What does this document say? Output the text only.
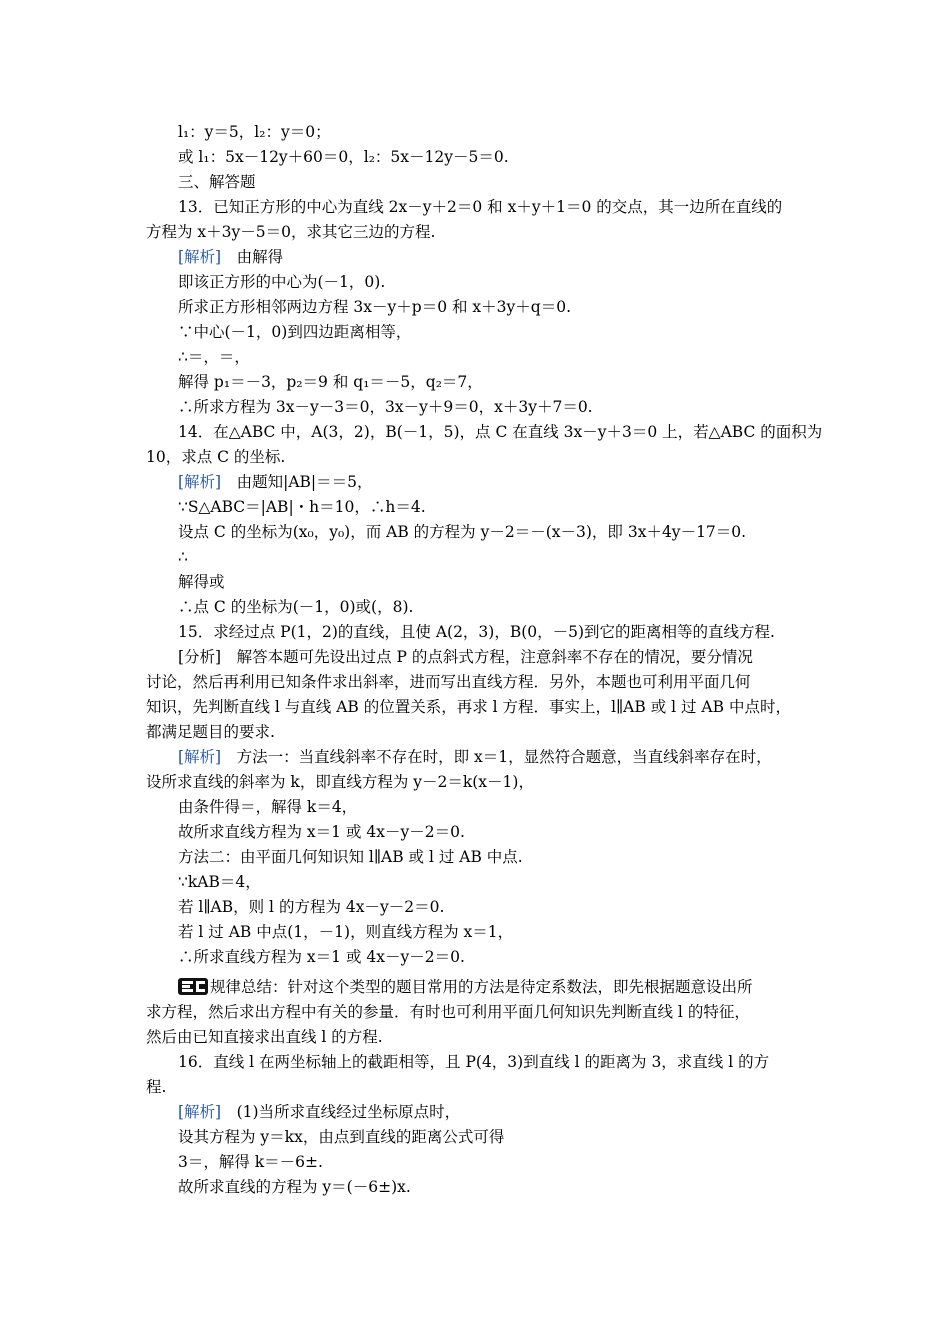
l₁：y＝5，l₂：y＝0；
或 l₁：5x－12y＋60＝0，l₂：5x－12y－5＝0.
三、解答题
13．已知正方形的中心为直线 2x－y＋2＝0 和 x＋y＋1＝0 的交点，其一边所在直线的
方程为 x＋3y－5＝0，求其它三边的方程.
[解析]　 由解得
即该正方形的中心为(－1，0).
所求正方形相邻两边方程 3x－y＋p＝0 和 x＋3y＋q＝0.
∵中心(－1，0)到四边距离相等，
∴＝，＝，
解得 p₁＝－3，p₂＝9 和 q₁＝－5，q₂＝7，
∴所求方程为 3x－y－3＝0，3x－y＋9＝0，x＋3y＋7＝0.
14．在△ABC 中，A(3，2)，B(－1，5)，点 C 在直线 3x－y＋3＝0 上，若△ABC 的面积为
10，求点 C 的坐标.
[解析]　 由题知|AB|＝＝5，
∵S△ABC＝|AB|・h＝10，∴h＝4.
设点 C 的坐标为(x₀，y₀)，而 AB 的方程为 y－2＝－(x－3)，即 3x＋4y－17＝0.
∴
解得或
∴点 C 的坐标为(－1，0)或(，8).
15．求经过点 P(1，2)的直线，且使 A(2，3)，B(0，－5)到它的距离相等的直线方程.
[分析]　解答本题可先设出过点 P 的点斜式方程，注意斜率不存在的情况，要分情况
讨论，然后再利用已知条件求出斜率，进而写出直线方程．另外，本题也可利用平面几何
知识，先判断直线 l 与直线 AB 的位置关系，再求 l 方程．事实上，l∥AB 或 l 过 AB 中点时，
都满足题目的要求.
[解析]　 方法一：当直线斜率不存在时，即 x＝1，显然符合题意，当直线斜率存在时，
设所求直线的斜率为 k，即直线方程为 y－2＝k(x－1)，
由条件得＝，解得 k＝4，
故所求直线方程为 x＝1 或 4x－y－2＝0.
方法二：由平面几何知识知 l∥AB 或 l 过 AB 中点.
∵kAB＝4，
若 l∥AB，则 l 的方程为 4x－y－2＝0.
若 l 过 AB 中点(1，－1)，则直线方程为 x＝1，
∴所求直线方程为 x＝1 或 4x－y－2＝0.
规律总结：针对这个类型的题目常用的方法是待定系数法，即先根据题意设出所
求方程，然后求出方程中有关的参量．有时也可利用平面几何知识先判断直线 l 的特征，
然后由已知直接求出直线 l 的方程.
16．直线 l 在两坐标轴上的截距相等，且 P(4，3)到直线 l 的距离为 3，求直线 l 的方
程.
[解析]　 (1)当所求直线经过坐标原点时，
设其方程为 y＝kx，由点到直线的距离公式可得
3＝，解得 k＝－6±.
故所求直线的方程为 y＝(－6±)x.
